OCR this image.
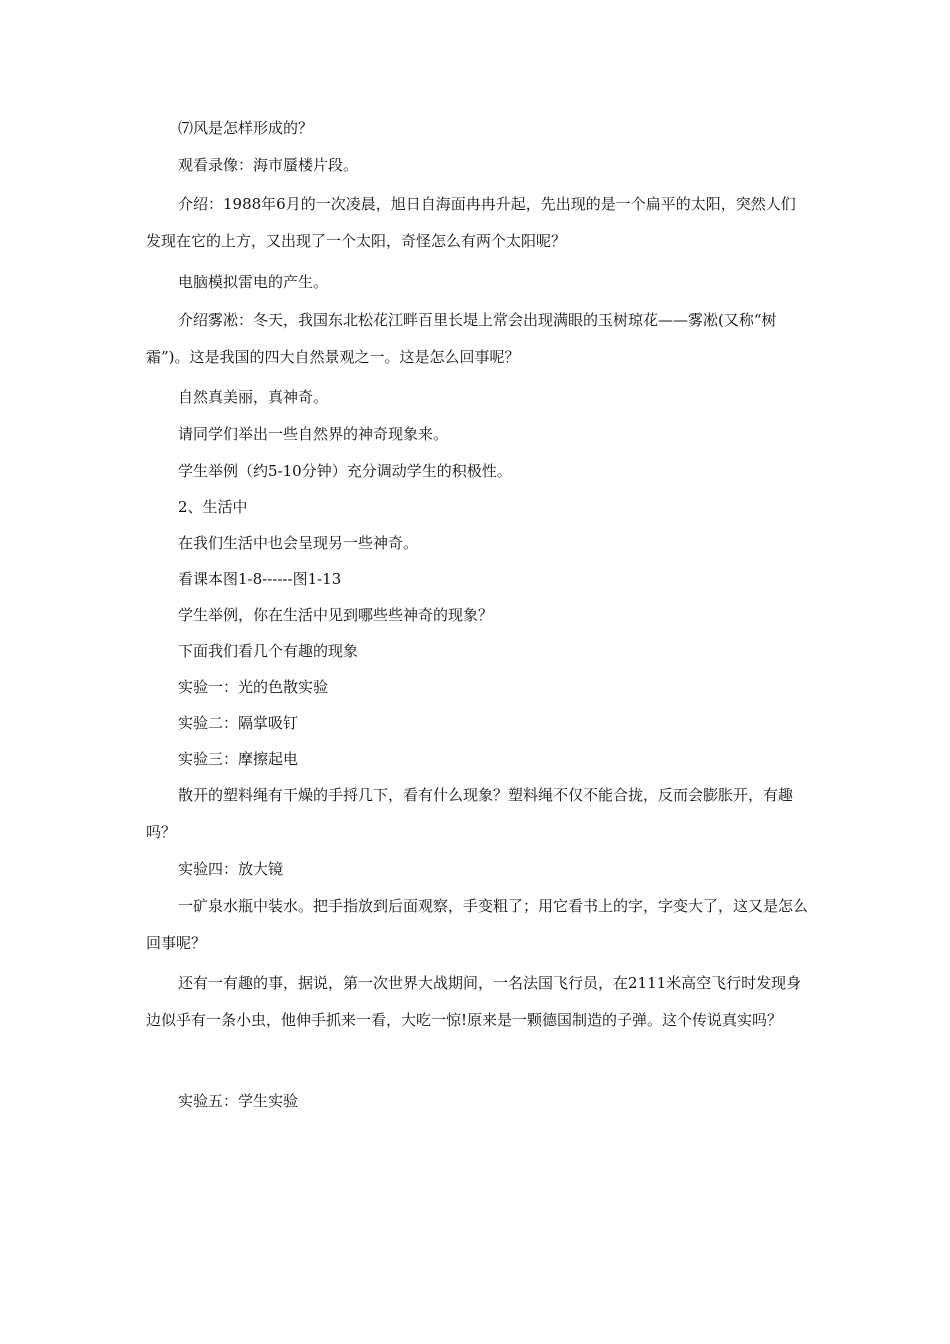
⑺风是怎样形成的？

观看录像：海市蜃楼片段。

介绍：1988年6月的一次凌晨，旭日自海面冉冉升起，先出现的是一个扁平的太阳，突然人们发现在它的上方，又出现了一个太阳，奇怪怎么有两个太阳呢？

电脑模拟雷电的产生。

介绍雾凇：冬天，我国东北松花江畔百里长堤上常会出现满眼的玉树琼花——雾凇(又称“树霜”)。这是我国的四大自然景观之一。这是怎么回事呢？

自然真美丽，真神奇。

请同学们举出一些自然界的神奇现象来。

学生举例（约5-10分钟）充分调动学生的积极性。

2、生活中

在我们生活中也会呈现另一些神奇。

看课本图1-8------图1-13

学生举例，你在生活中见到哪些些神奇的现象？

下面我们看几个有趣的现象

实验一：光的色散实验

实验二：隔掌吸钉

实验三：摩擦起电

散开的塑料绳有干燥的手捋几下，看有什么现象？塑料绳不仅不能合拢，反而会膨胀开，有趣吗？

实验四：放大镜

一矿泉水瓶中装水。把手指放到后面观察，手变粗了；用它看书上的字，字变大了，这又是怎么回事呢？

还有一有趣的事，据说，第一次世界大战期间，一名法国飞行员，在2111米高空飞行时发现身边似乎有一条小虫，他伸手抓来一看，大吃一惊!原来是一颗德国制造的子弹。这个传说真实吗？

实验五：学生实验
